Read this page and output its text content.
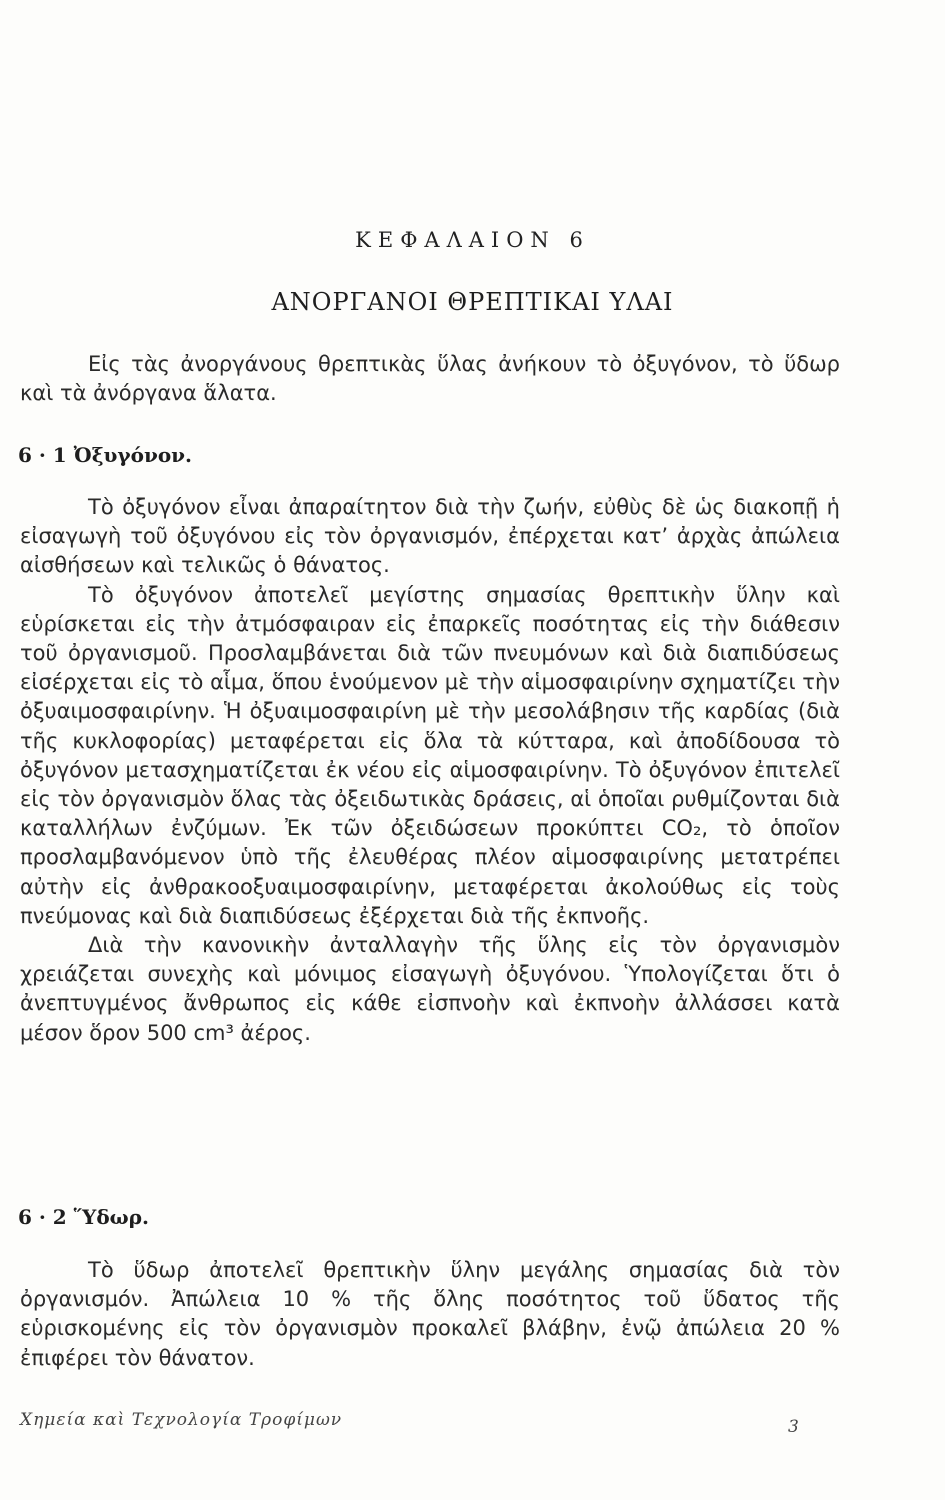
ΚΕΦΑΛΑΙΟΝ 6
ΑΝΟΡΓΑΝΟΙ ΘΡΕΠΤΙΚΑΙ ΥΛΑΙ

Εἰς τὰς ἀνοργάνους θρεπτικὰς ὕλας ἀνήκουν τὸ ὀξυγόνον, τὸ ὕδωρ καὶ τὰ ἀνόργανα ἅλατα.

6 · 1 Ὀξυγόνον.

Τὸ ὀξυγόνον εἶναι ἀπαραίτητον διὰ τὴν ζωήν, εὐθὺς δὲ ὡς διακοπῇ ἡ εἰσαγωγὴ τοῦ ὀξυγόνου εἰς τὸν ὀργανισμόν, ἐπέρχεται κατ’ ἀρχὰς ἀπώλεια αἰσθήσεων καὶ τελικῶς ὁ θάνατος.

Τὸ ὀξυγόνον ἀποτελεῖ μεγίστης σημασίας θρεπτικὴν ὕλην καὶ εὑρίσκεται εἰς τὴν ἀτμόσφαιραν εἰς ἐπαρκεῖς ποσότητας εἰς τὴν διάθεσιν τοῦ ὀργανισμοῦ. Προσλαμβάνεται διὰ τῶν πνευμόνων καὶ διὰ διαπιδύσεως εἰσέρχεται εἰς τὸ αἷμα, ὅπου ἑνούμενον μὲ τὴν αἱμοσφαιρίνην σχηματίζει τὴν ὀξυαιμοσφαιρίνην. Ἡ ὀξυαιμοσφαιρίνη μὲ τὴν μεσολάβησιν τῆς καρδίας (διὰ τῆς κυκλοφορίας) μεταφέρεται εἰς ὅλα τὰ κύτταρα, καὶ ἀποδίδουσα τὸ ὀξυγόνον μετασχηματίζεται ἐκ νέου εἰς αἱμοσφαιρίνην. Τὸ ὀξυγόνον ἐπιτελεῖ εἰς τὸν ὀργανισμὸν ὅλας τὰς ὀξειδωτικὰς δράσεις, αἱ ὁποῖαι ρυθμίζονται διὰ καταλλήλων ἐνζύμων. Ἐκ τῶν ὀξειδώσεων προκύπτει CO₂, τὸ ὁποῖον προσλαμβανόμενον ὑπὸ τῆς ἐλευθέρας πλέον αἱμοσφαιρίνης μετατρέπει αὐτὴν εἰς ἀνθρακοοξυαιμοσφαιρίνην, μεταφέρεται ἀκολούθως εἰς τοὺς πνεύμονας καὶ διὰ διαπιδύσεως ἐξέρχεται διὰ τῆς ἐκπνοῆς.

Διὰ τὴν κανονικὴν ἀνταλλαγὴν τῆς ὕλης εἰς τὸν ὀργανισμὸν χρειάζεται συνεχὴς καὶ μόνιμος εἰσαγωγὴ ὀξυγόνου. Ὑπολογίζεται ὅτι ὁ ἀνεπτυγμένος ἄνθρωπος εἰς κάθε εἰσπνοὴν καὶ ἐκπνοὴν ἀλλάσσει κατὰ μέσον ὅρον 500 cm³ ἀέρος.

6 · 2 Ὕδωρ.

Τὸ ὕδωρ ἀποτελεῖ θρεπτικὴν ὕλην μεγάλης σημασίας διὰ τὸν ὀργανισμόν. Ἀπώλεια 10 % τῆς ὅλης ποσότητος τοῦ ὕδατος τῆς εὑρισκομένης εἰς τὸν ὀργανισμὸν προκαλεῖ βλάβην, ἐνῷ ἀπώλεια 20 % ἐπιφέρει τὸν θάνατον.

Χημεία καὶ Τεχνολογία Τροφίμων	3
